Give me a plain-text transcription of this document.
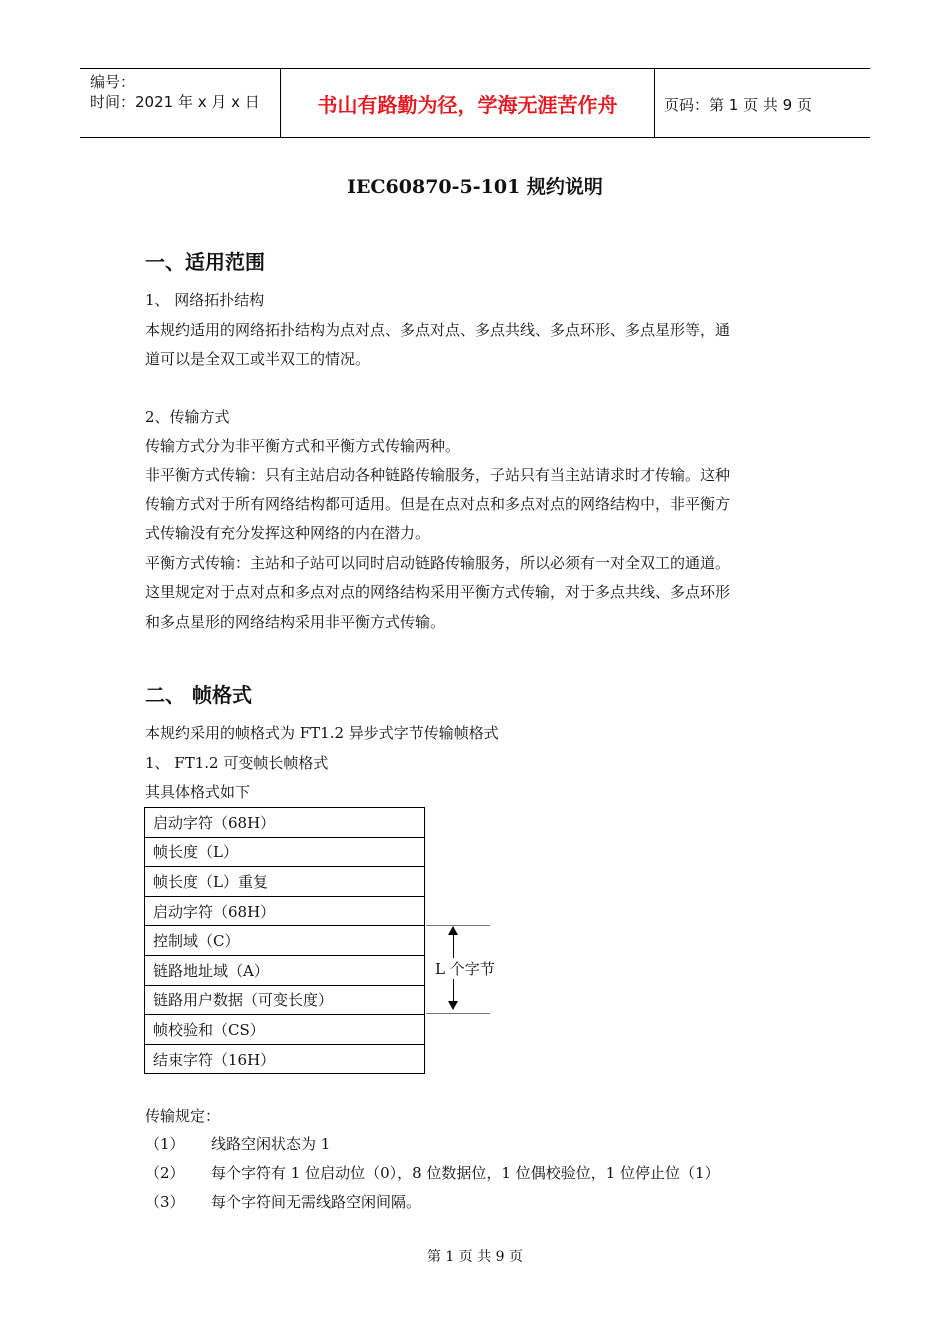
编号：
时间：2021 年 x 月 x 日	书山有路勤为径，学海无涯苦作舟	页码：第 1 页 共 9 页
IEC60870-5-101 规约说明
一、适用范围
1、 网络拓扑结构
本规约适用的网络拓扑结构为点对点、多点对点、多点共线、多点环形、多点星形等，通
道可以是全双工或半双工的情况。
2、传输方式
传输方式分为非平衡方式和平衡方式传输两种。
非平衡方式传输：只有主站启动各种链路传输服务，子站只有当主站请求时才传输。这种
传输方式对于所有网络结构都可适用。但是在点对点和多点对点的网络结构中，非平衡方
式传输没有充分发挥这种网络的内在潜力。
平衡方式传输：主站和子站可以同时启动链路传输服务，所以必须有一对全双工的通道。
这里规定对于点对点和多点对点的网络结构采用平衡方式传输，对于多点共线、多点环形
和多点星形的网络结构采用非平衡方式传输。
二、 帧格式
本规约采用的帧格式为 FT1.2 异步式字节传输帧格式
1、 FT1.2 可变帧长帧格式
其具体格式如下
启动字符（68H）
帧长度（L）
帧长度（L）重复
启动字符（68H）
控制域（C）
链路地址域（A）
链路用户数据（可变长度）
帧校验和（CS）
结束字符（16H）
L 个字节
传输规定：
（1） 线路空闲状态为 1
（2） 每个字符有 1 位启动位（0），8 位数据位，1 位偶校验位，1 位停止位（1）
（3） 每个字符间无需线路空闲间隔。
第 1 页 共 9 页
